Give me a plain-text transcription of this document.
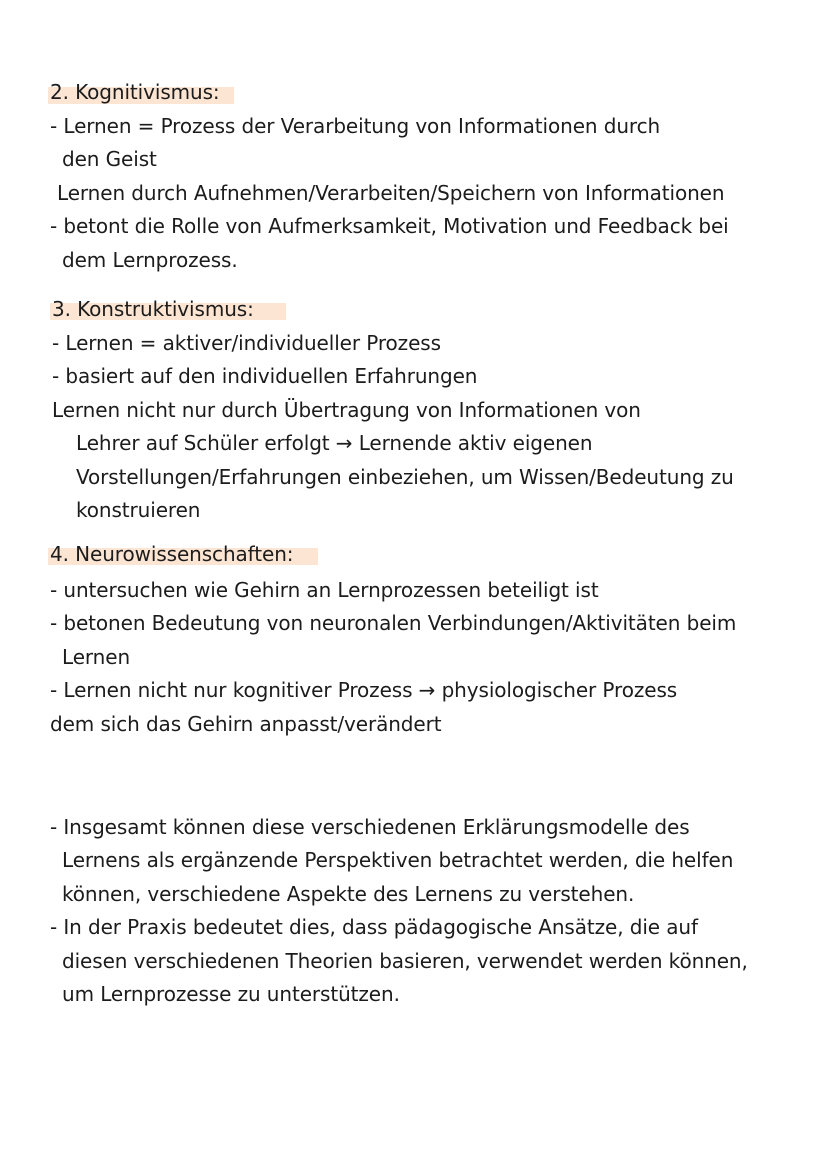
2. Kognitivismus:
- Lernen = Prozess der Verarbeitung von Informationen durch
den Geist
Lernen durch Aufnehmen/Verarbeiten/Speichern von Informationen
- betont die Rolle von Aufmerksamkeit, Motivation und Feedback bei
dem Lernprozess.
3. Konstruktivismus:
- Lernen = aktiver/individueller Prozess
- basiert auf den individuellen Erfahrungen
Lernen nicht nur durch Übertragung von Informationen von
Lehrer auf Schüler erfolgt → Lernende aktiv eigenen
Vorstellungen/Erfahrungen einbeziehen, um Wissen/Bedeutung zu
konstruieren
4. Neurowissenschaften:
- untersuchen wie Gehirn an Lernprozessen beteiligt ist
- betonen Bedeutung von neuronalen Verbindungen/Aktivitäten beim
Lernen
- Lernen nicht nur kognitiver Prozess → physiologischer Prozess
dem sich das Gehirn anpasst/verändert
- Insgesamt können diese verschiedenen Erklärungsmodelle des
Lernens als ergänzende Perspektiven betrachtet werden, die helfen
können, verschiedene Aspekte des Lernens zu verstehen.
- In der Praxis bedeutet dies, dass pädagogische Ansätze, die auf
diesen verschiedenen Theorien basieren, verwendet werden können,
um Lernprozesse zu unterstützen.
